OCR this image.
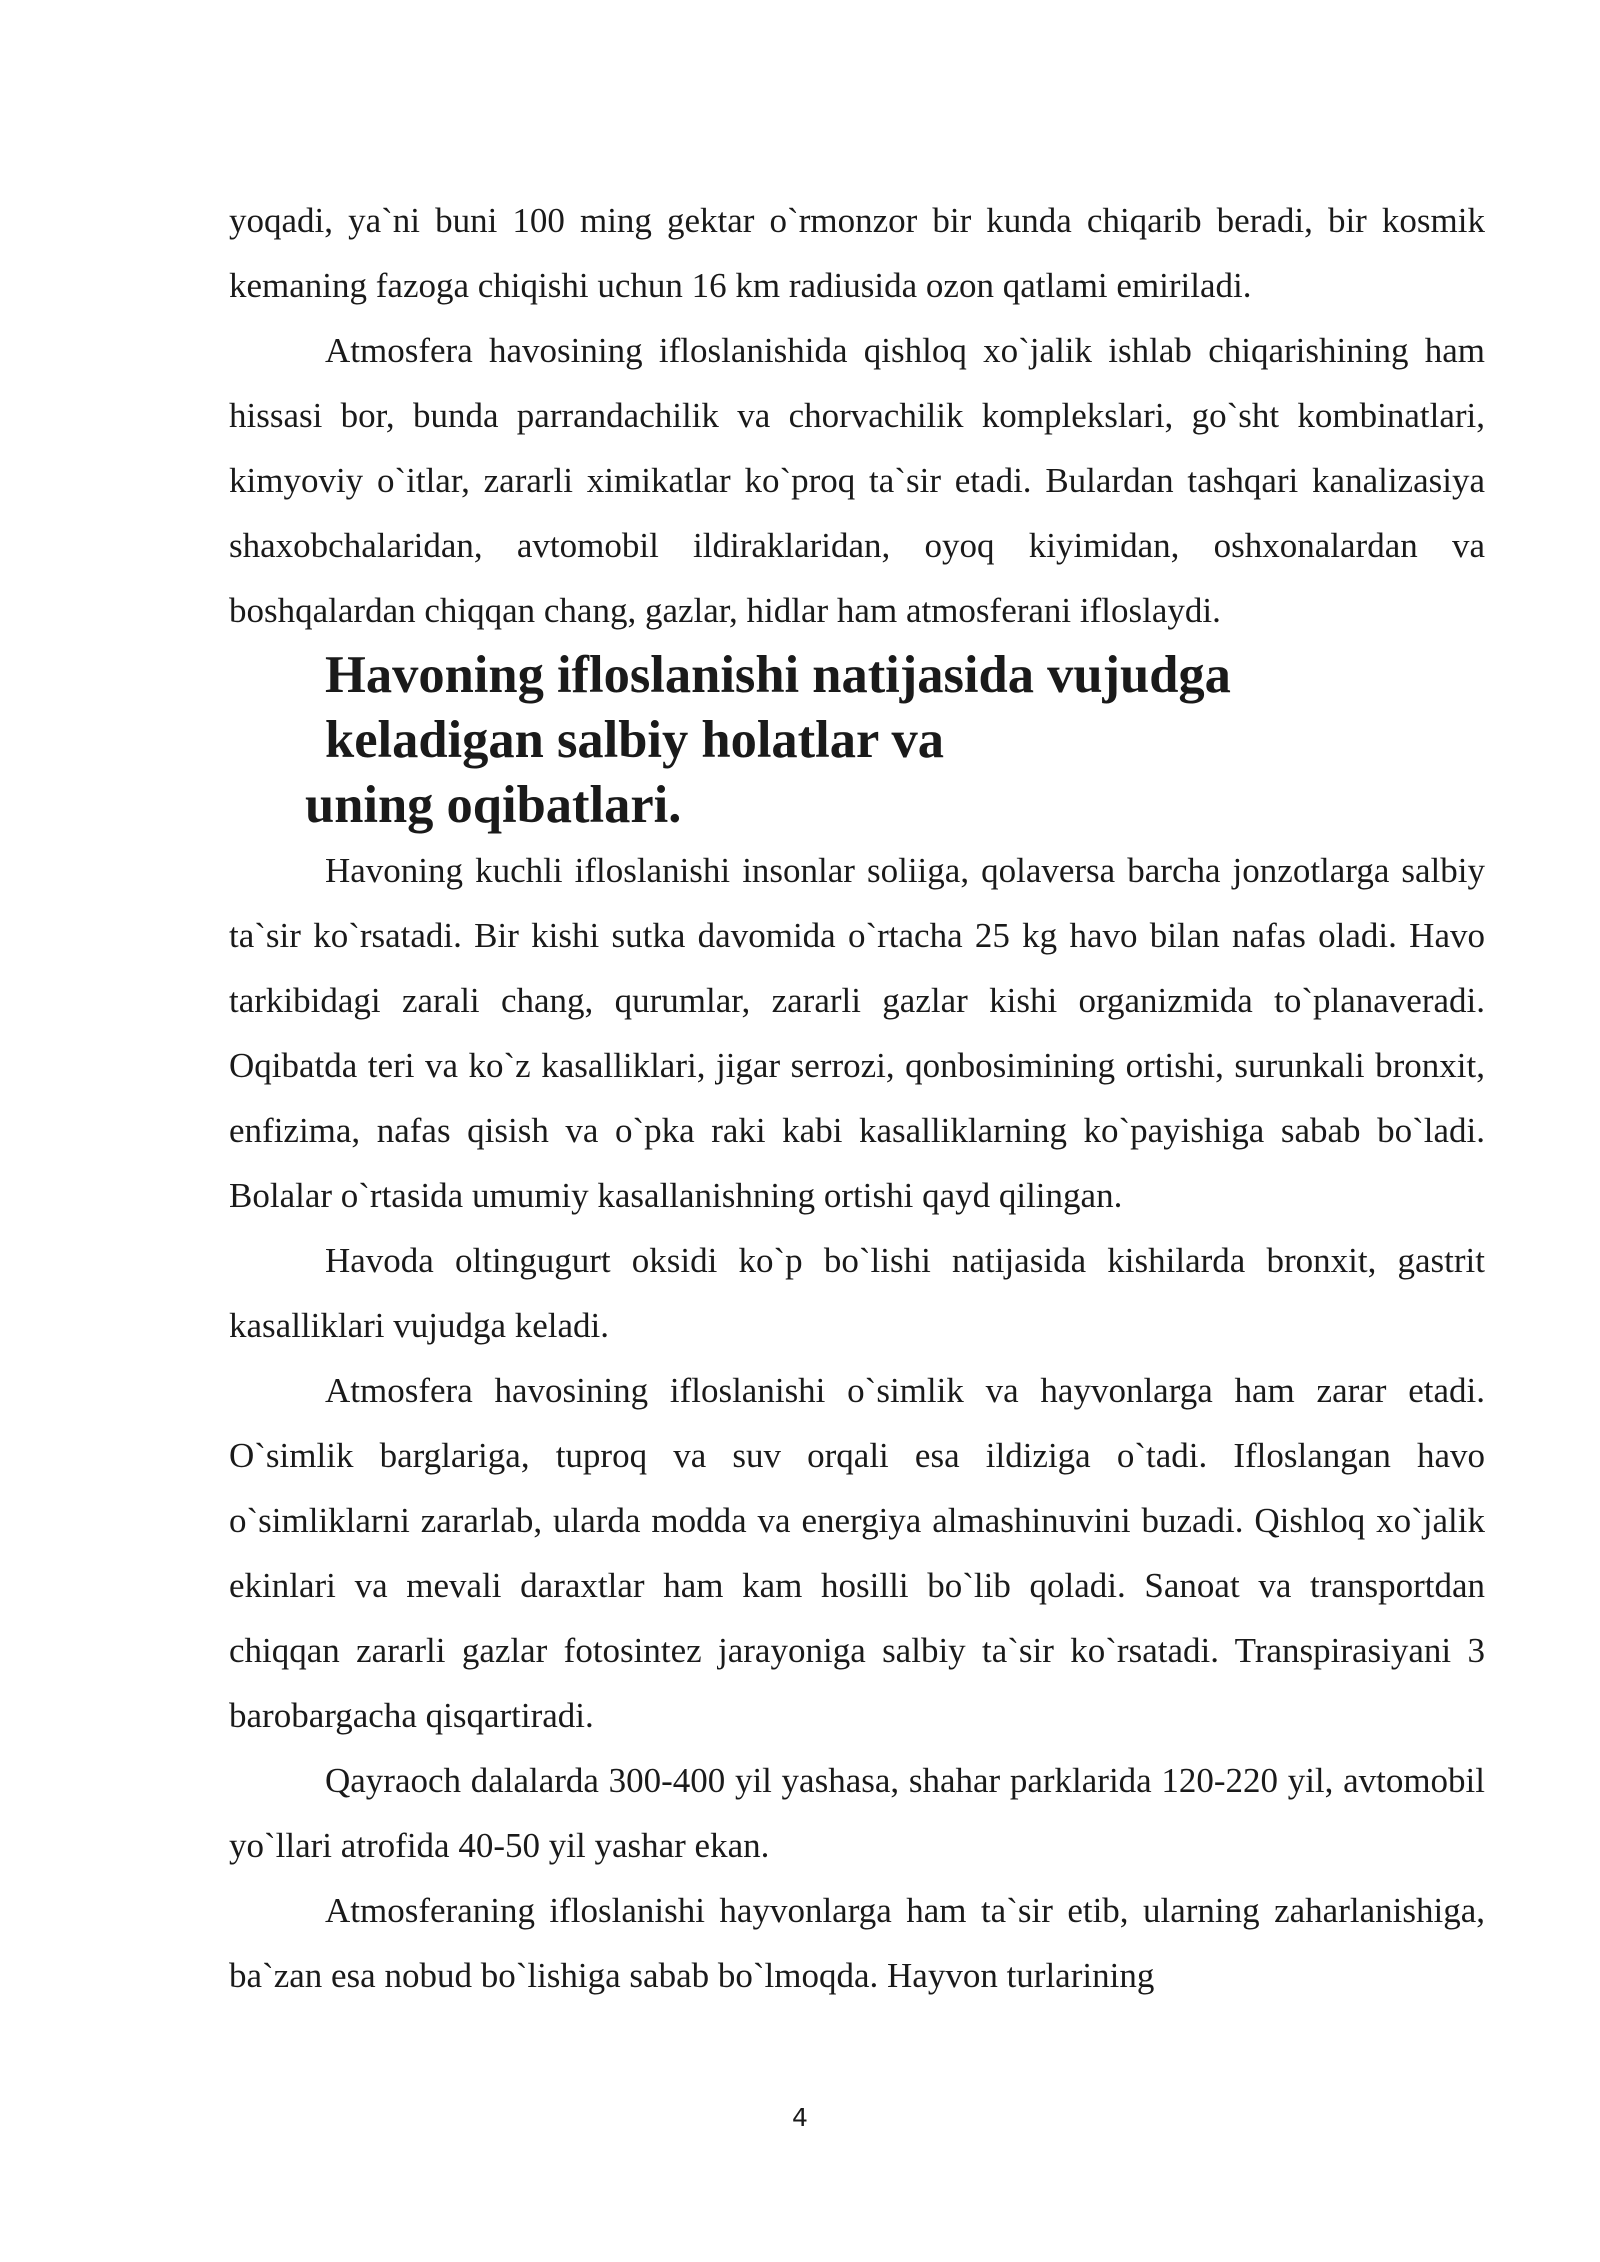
yoqadi, ya`ni buni 100 ming gektar o`rmonzor bir kunda chiqarib beradi, bir kosmik kemaning fazoga chiqishi uchun 16 km radiusida ozon qatlami emiriladi.

Atmosfera havosining ifloslanishida qishloq xo`jalik ishlab chiqarishining ham hissasi bor, bunda parrandachilik va chorvachilik komplekslari, go`sht kombinatlari, kimyoviy o`itlar, zararli ximikatlar ko`proq ta`sir etadi. Bulardan tashqari kanalizasiya shaxobchalaridan, avtomobil ildiraklaridan, oyoq kiyimidan, oshxonalardan va boshqalardan chiqqan chang, gazlar, hidlar ham atmosferani ifloslaydi.

Havoning ifloslanishi natijasida vujudga keladigan salbiy holatlar va
uning oqibatlari.

Havoning kuchli ifloslanishi insonlar soliiga, qolaversa barcha jonzotlarga salbiy ta`sir ko`rsatadi. Bir kishi sutka davomida o`rtacha 25 kg havo bilan nafas oladi. Havo tarkibidagi zarali chang, qurumlar, zararli gazlar kishi organizmida to`planaveradi. Oqibatda teri va ko`z kasalliklari, jigar serrozi, qonbosimining ortishi, surunkali bronxit, enfizima, nafas qisish va o`pka raki kabi kasalliklarning ko`payishiga sabab bo`ladi. Bolalar o`rtasida umumiy kasallanishning ortishi qayd qilingan.

Havoda oltingugurt oksidi ko`p bo`lishi natijasida kishilarda bronxit, gastrit kasalliklari vujudga keladi.

Atmosfera havosining ifloslanishi o`simlik va hayvonlarga ham zarar etadi. O`simlik barglariga, tuproq va suv orqali esa ildiziga o`tadi. Ifloslangan havo o`simliklarni zararlab, ularda modda va energiya almashinuvini buzadi. Qishloq xo`jalik ekinlari va mevali daraxtlar ham kam hosilli bo`lib qoladi. Sanoat va transportdan chiqqan zararli gazlar fotosintez jarayoniga salbiy ta`sir ko`rsatadi. Transpirasiyani 3 barobargacha qisqartiradi.

Qayraoch dalalarda 300-400 yil yashasa, shahar parklarida 120-220 yil, avtomobil yo`llari atrofida 40-50 yil yashar ekan.

Atmosferaning ifloslanishi hayvonlarga ham ta`sir etib, ularning zaharlanishiga, ba`zan esa nobud bo`lishiga sabab bo`lmoqda. Hayvon turlarining

4
